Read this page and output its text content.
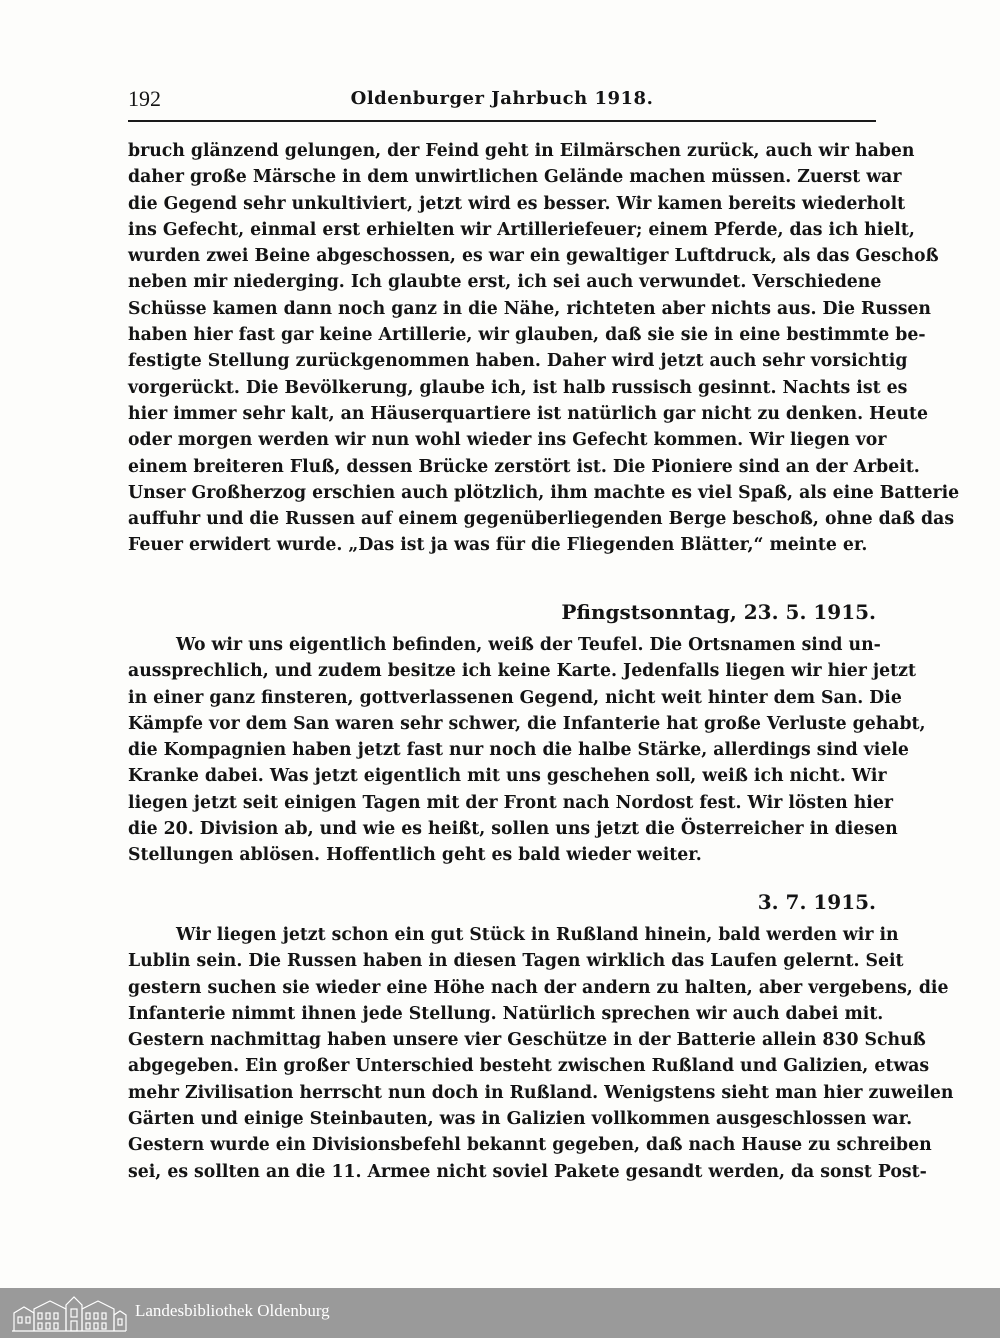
192	Oldenburger Jahrbuch 1918.
bruch glänzend gelungen, der Feind geht in Eilmärschen zurück, auch wir haben
daher große Märsche in dem unwirtlichen Gelände machen müssen. Zuerst war
die Gegend sehr unkultiviert, jetzt wird es besser. Wir kamen bereits wiederholt
ins Gefecht, einmal erst erhielten wir Artilleriefeuer; einem Pferde, das ich hielt,
wurden zwei Beine abgeschossen, es war ein gewaltiger Luftdruck, als das Geschoß
neben mir niederging. Ich glaubte erst, ich sei auch verwundet. Verschiedene
Schüsse kamen dann noch ganz in die Nähe, richteten aber nichts aus. Die Russen
haben hier fast gar keine Artillerie, wir glauben, daß sie sie in eine bestimmte be-
festigte Stellung zurückgenommen haben. Daher wird jetzt auch sehr vorsichtig
vorgerückt. Die Bevölkerung, glaube ich, ist halb russisch gesinnt. Nachts ist es
hier immer sehr kalt, an Häuserquartiere ist natürlich gar nicht zu denken. Heute
oder morgen werden wir nun wohl wieder ins Gefecht kommen. Wir liegen vor
einem breiteren Fluß, dessen Brücke zerstört ist. Die Pioniere sind an der Arbeit.
Unser Großherzog erschien auch plötzlich, ihm machte es viel Spaß, als eine Batterie
auffuhr und die Russen auf einem gegenüberliegenden Berge beschoß, ohne daß das
Feuer erwidert wurde. „Das ist ja was für die Fliegenden Blätter,“ meinte er.
Pfingstsonntag, 23. 5. 1915.
Wo wir uns eigentlich befinden, weiß der Teufel. Die Ortsnamen sind un-
aussprechlich, und zudem besitze ich keine Karte. Jedenfalls liegen wir hier jetzt
in einer ganz finsteren, gottverlassenen Gegend, nicht weit hinter dem San. Die
Kämpfe vor dem San waren sehr schwer, die Infanterie hat große Verluste gehabt,
die Kompagnien haben jetzt fast nur noch die halbe Stärke, allerdings sind viele
Kranke dabei. Was jetzt eigentlich mit uns geschehen soll, weiß ich nicht. Wir
liegen jetzt seit einigen Tagen mit der Front nach Nordost fest. Wir lösten hier
die 20. Division ab, und wie es heißt, sollen uns jetzt die Österreicher in diesen
Stellungen ablösen. Hoffentlich geht es bald wieder weiter.
3. 7. 1915.
Wir liegen jetzt schon ein gut Stück in Rußland hinein, bald werden wir in
Lublin sein. Die Russen haben in diesen Tagen wirklich das Laufen gelernt. Seit
gestern suchen sie wieder eine Höhe nach der andern zu halten, aber vergebens, die
Infanterie nimmt ihnen jede Stellung. Natürlich sprechen wir auch dabei mit.
Gestern nachmittag haben unsere vier Geschütze in der Batterie allein 830 Schuß
abgegeben. Ein großer Unterschied besteht zwischen Rußland und Galizien, etwas
mehr Zivilisation herrscht nun doch in Rußland. Wenigstens sieht man hier zuweilen
Gärten und einige Steinbauten, was in Galizien vollkommen ausgeschlossen war.
Gestern wurde ein Divisionsbefehl bekannt gegeben, daß nach Hause zu schreiben
sei, es sollten an die 11. Armee nicht soviel Pakete gesandt werden, da sonst Post-
Landesbibliothek Oldenburg
